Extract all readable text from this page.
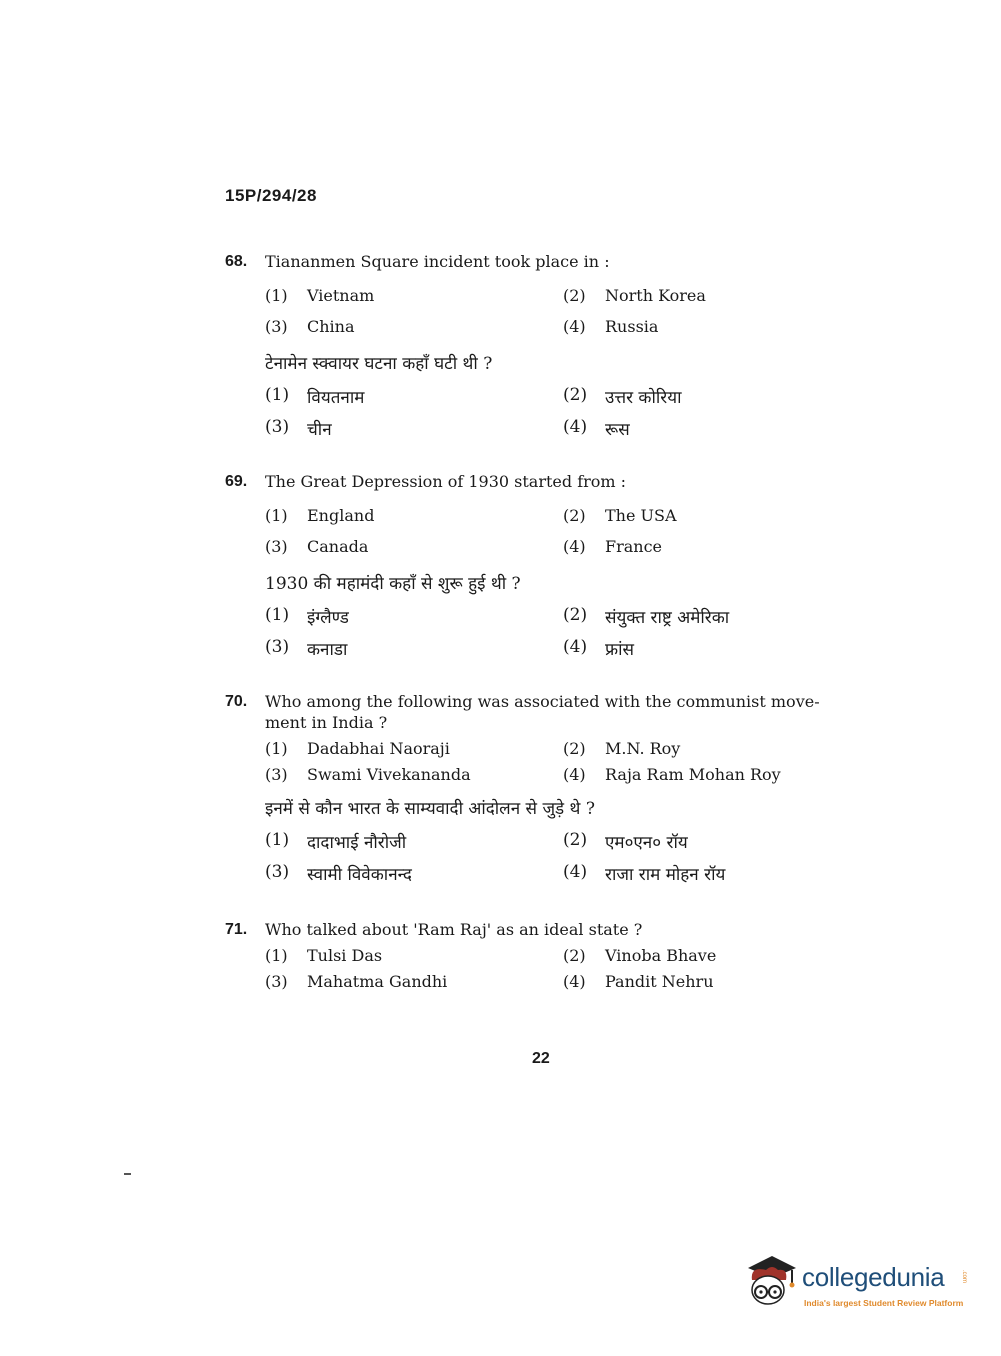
15P/294/28
68. Tiananmen Square incident took place in :
(1)	Vietnam	(2)	North Korea
(3)	China	(4)	Russia
टेनामेन स्क्वायर घटना कहाँ घटी थी ?
(1)	वियतनाम	(2)	उत्तर कोरिया
(3)	चीन	(4)	रूस
69. The Great Depression of 1930 started from :
(1)	England	(2)	The USA
(3)	Canada	(4)	France
1930 की महामंदी कहाँ से शुरू हुई थी ?
(1)	इंग्लैण्ड	(2)	संयुक्त राष्ट्र अमेरिका
(3)	कनाडा	(4)	फ्रांस
70. Who among the following was associated with the communist move-
ment in India ?
(1)	Dadabhai Naoraji	(2)	M.N. Roy
(3)	Swami Vivekananda	(4)	Raja Ram Mohan Roy
इनमें से कौन भारत के साम्यवादी आंदोलन से जुड़े थे ?
(1)	दादाभाई नौरोजी	(2)	एम०एन० रॉय
(3)	स्वामी विवेकानन्द	(4)	राजा राम मोहन रॉय
71. Who talked about 'Ram Raj' as an ideal state ?
(1)	Tulsi Das	(2)	Vinoba Bhave
(3)	Mahatma Gandhi	(4)	Pandit Nehru
22
collegedunia	.com
India's largest Student Review Platform
